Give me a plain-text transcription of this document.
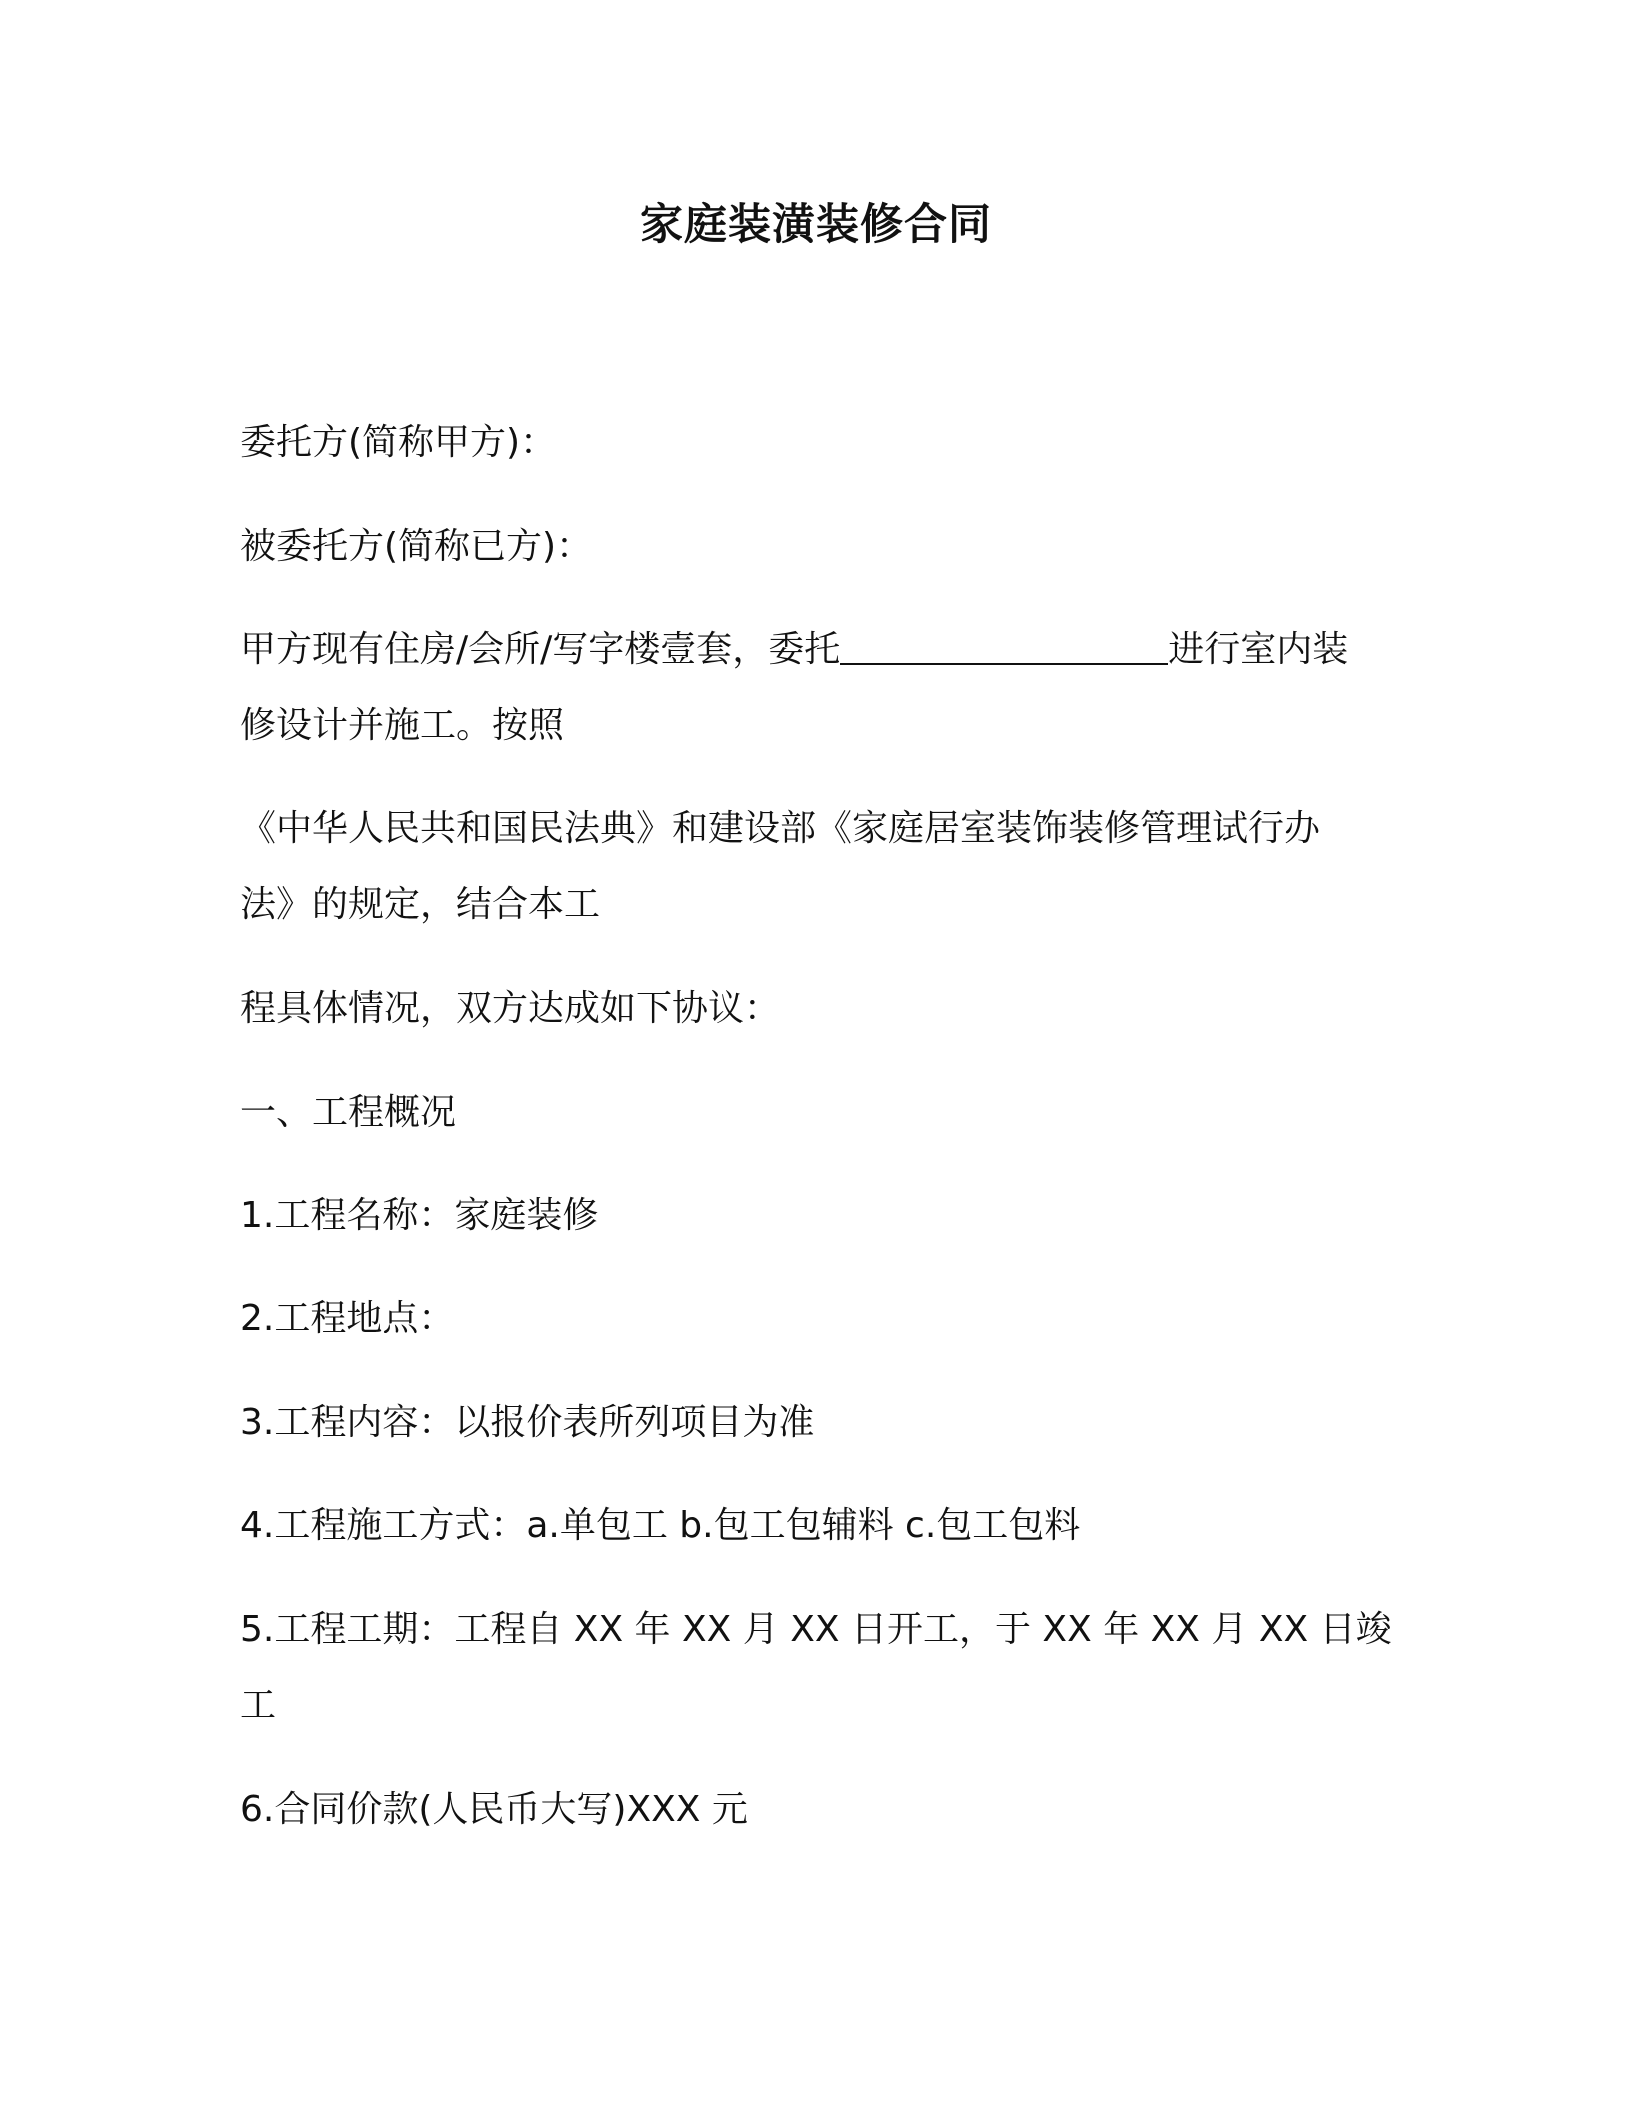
家庭装潢装修合同
委托方(简称甲方)：
被委托方(简称已方)：
甲方现有住房/会所/写字楼壹套，委托	进行室内装
修设计并施工。按照
《中华人民共和国民法典》和建设部《家庭居室装饰装修管理试行办
法》的规定，结合本工
程具体情况，双方达成如下协议：
一、工程概况
1.工程名称：家庭装修
2.工程地点：
3.工程内容：以报价表所列项目为准
4.工程施工方式：a.单包工 b.包工包辅料 c.包工包料
5.工程工期：工程自 XX 年 XX 月 XX 日开工，于 XX 年 XX 月 XX 日竣
工
6.合同价款(人民币大写)XXX 元
